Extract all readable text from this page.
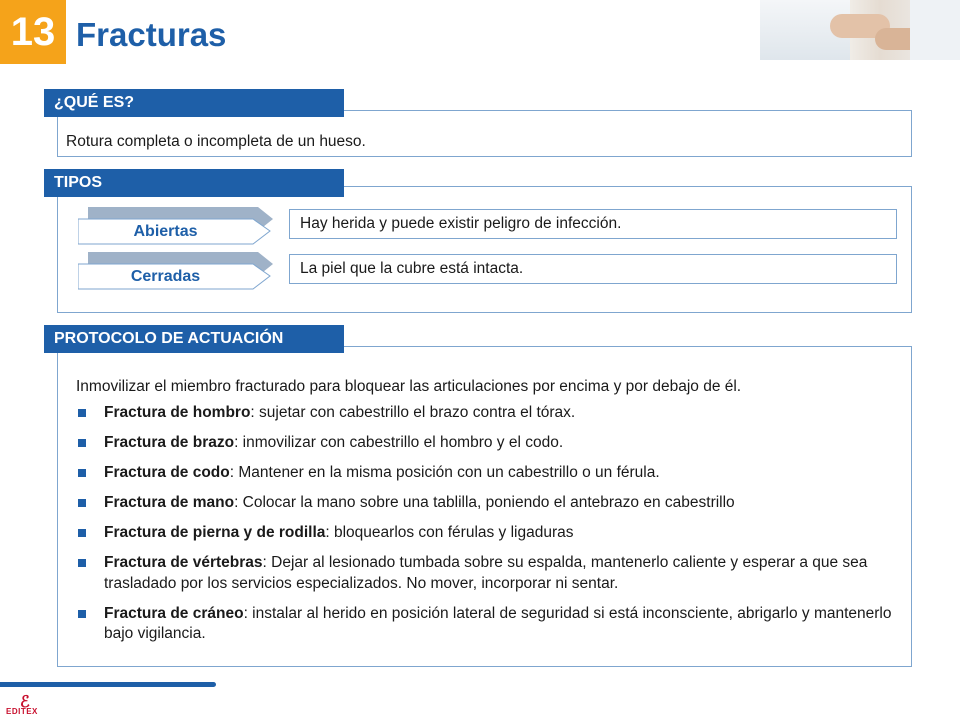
13 Fracturas
¿QUÉ ES?
Rotura completa o incompleta de un hueso.
TIPOS
Abiertas	Hay herida y puede existir peligro de infección.
Cerradas	La piel que la cubre está intacta.
PROTOCOLO DE ACTUACIÓN

Inmovilizar el miembro fracturado para bloquear las articulaciones por encima y por debajo de él.

Fractura de hombro: sujetar con cabestrillo el brazo contra el tórax.
Fractura de brazo: inmovilizar con cabestrillo el hombro y el codo.
Fractura de codo: Mantener en la misma posición con un cabestrillo o un férula.
Fractura de mano: Colocar la mano sobre una tablilla, poniendo el antebrazo en cabestrillo
Fractura de pierna y de rodilla: bloquearlos con férulas y ligaduras
Fractura de vértebras: Dejar al lesionado tumbada sobre su espalda, mantenerlo caliente y esperar a que sea trasladado por los servicios especializados. No mover, incorporar ni sentar.
Fractura de cráneo: instalar al herido en posición lateral de seguridad si está inconsciente, abrigarlo y mantenerlo bajo vigilancia.
ℰ
EDITEX
